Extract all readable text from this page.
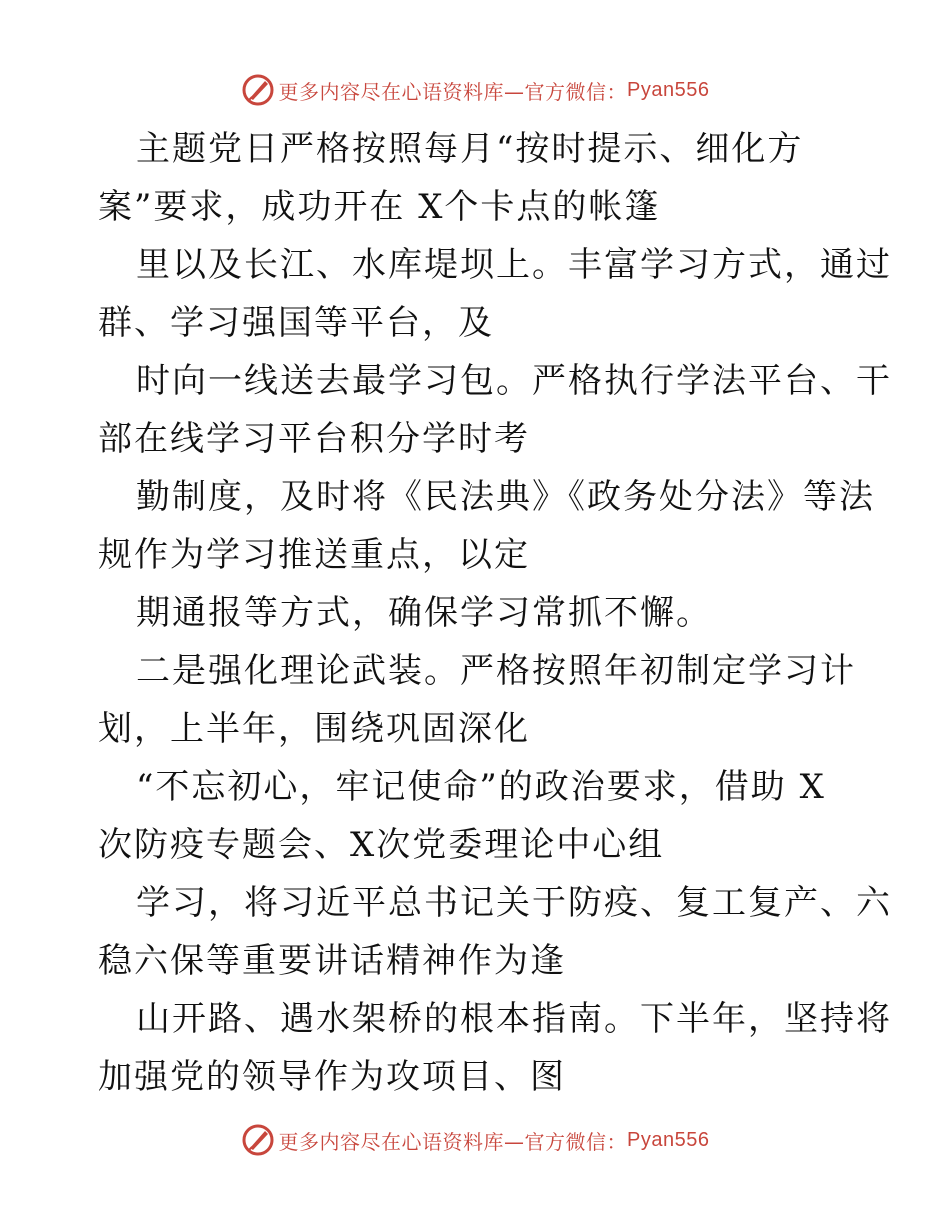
更多内容尽在心语资料库—官方微信： Pyan556
主题党日严格按照每月“按时提示、细化方
案”要求，成功开在 X个卡点的帐篷
里以及长江、水库堤坝上。丰富学习方式，通过
群、学习强国等平台，及
时向一线送去最学习包。严格执行学法平台、干
部在线学习平台积分学时考
勤制度，及时将《民法典》《政务处分法》等法
规作为学习推送重点，以定
期通报等方式，确保学习常抓不懈。
二是强化理论武装。严格按照年初制定学习计
划，上半年，围绕巩固深化
“不忘初心，牢记使命”的政治要求，借助 X
次防疫专题会、X次党委理论中心组
学习，将习近平总书记关于防疫、复工复产、六
稳六保等重要讲话精神作为逢
山开路、遇水架桥的根本指南。下半年，坚持将
加强党的领导作为攻项目、图
更多内容尽在心语资料库—官方微信： Pyan556
